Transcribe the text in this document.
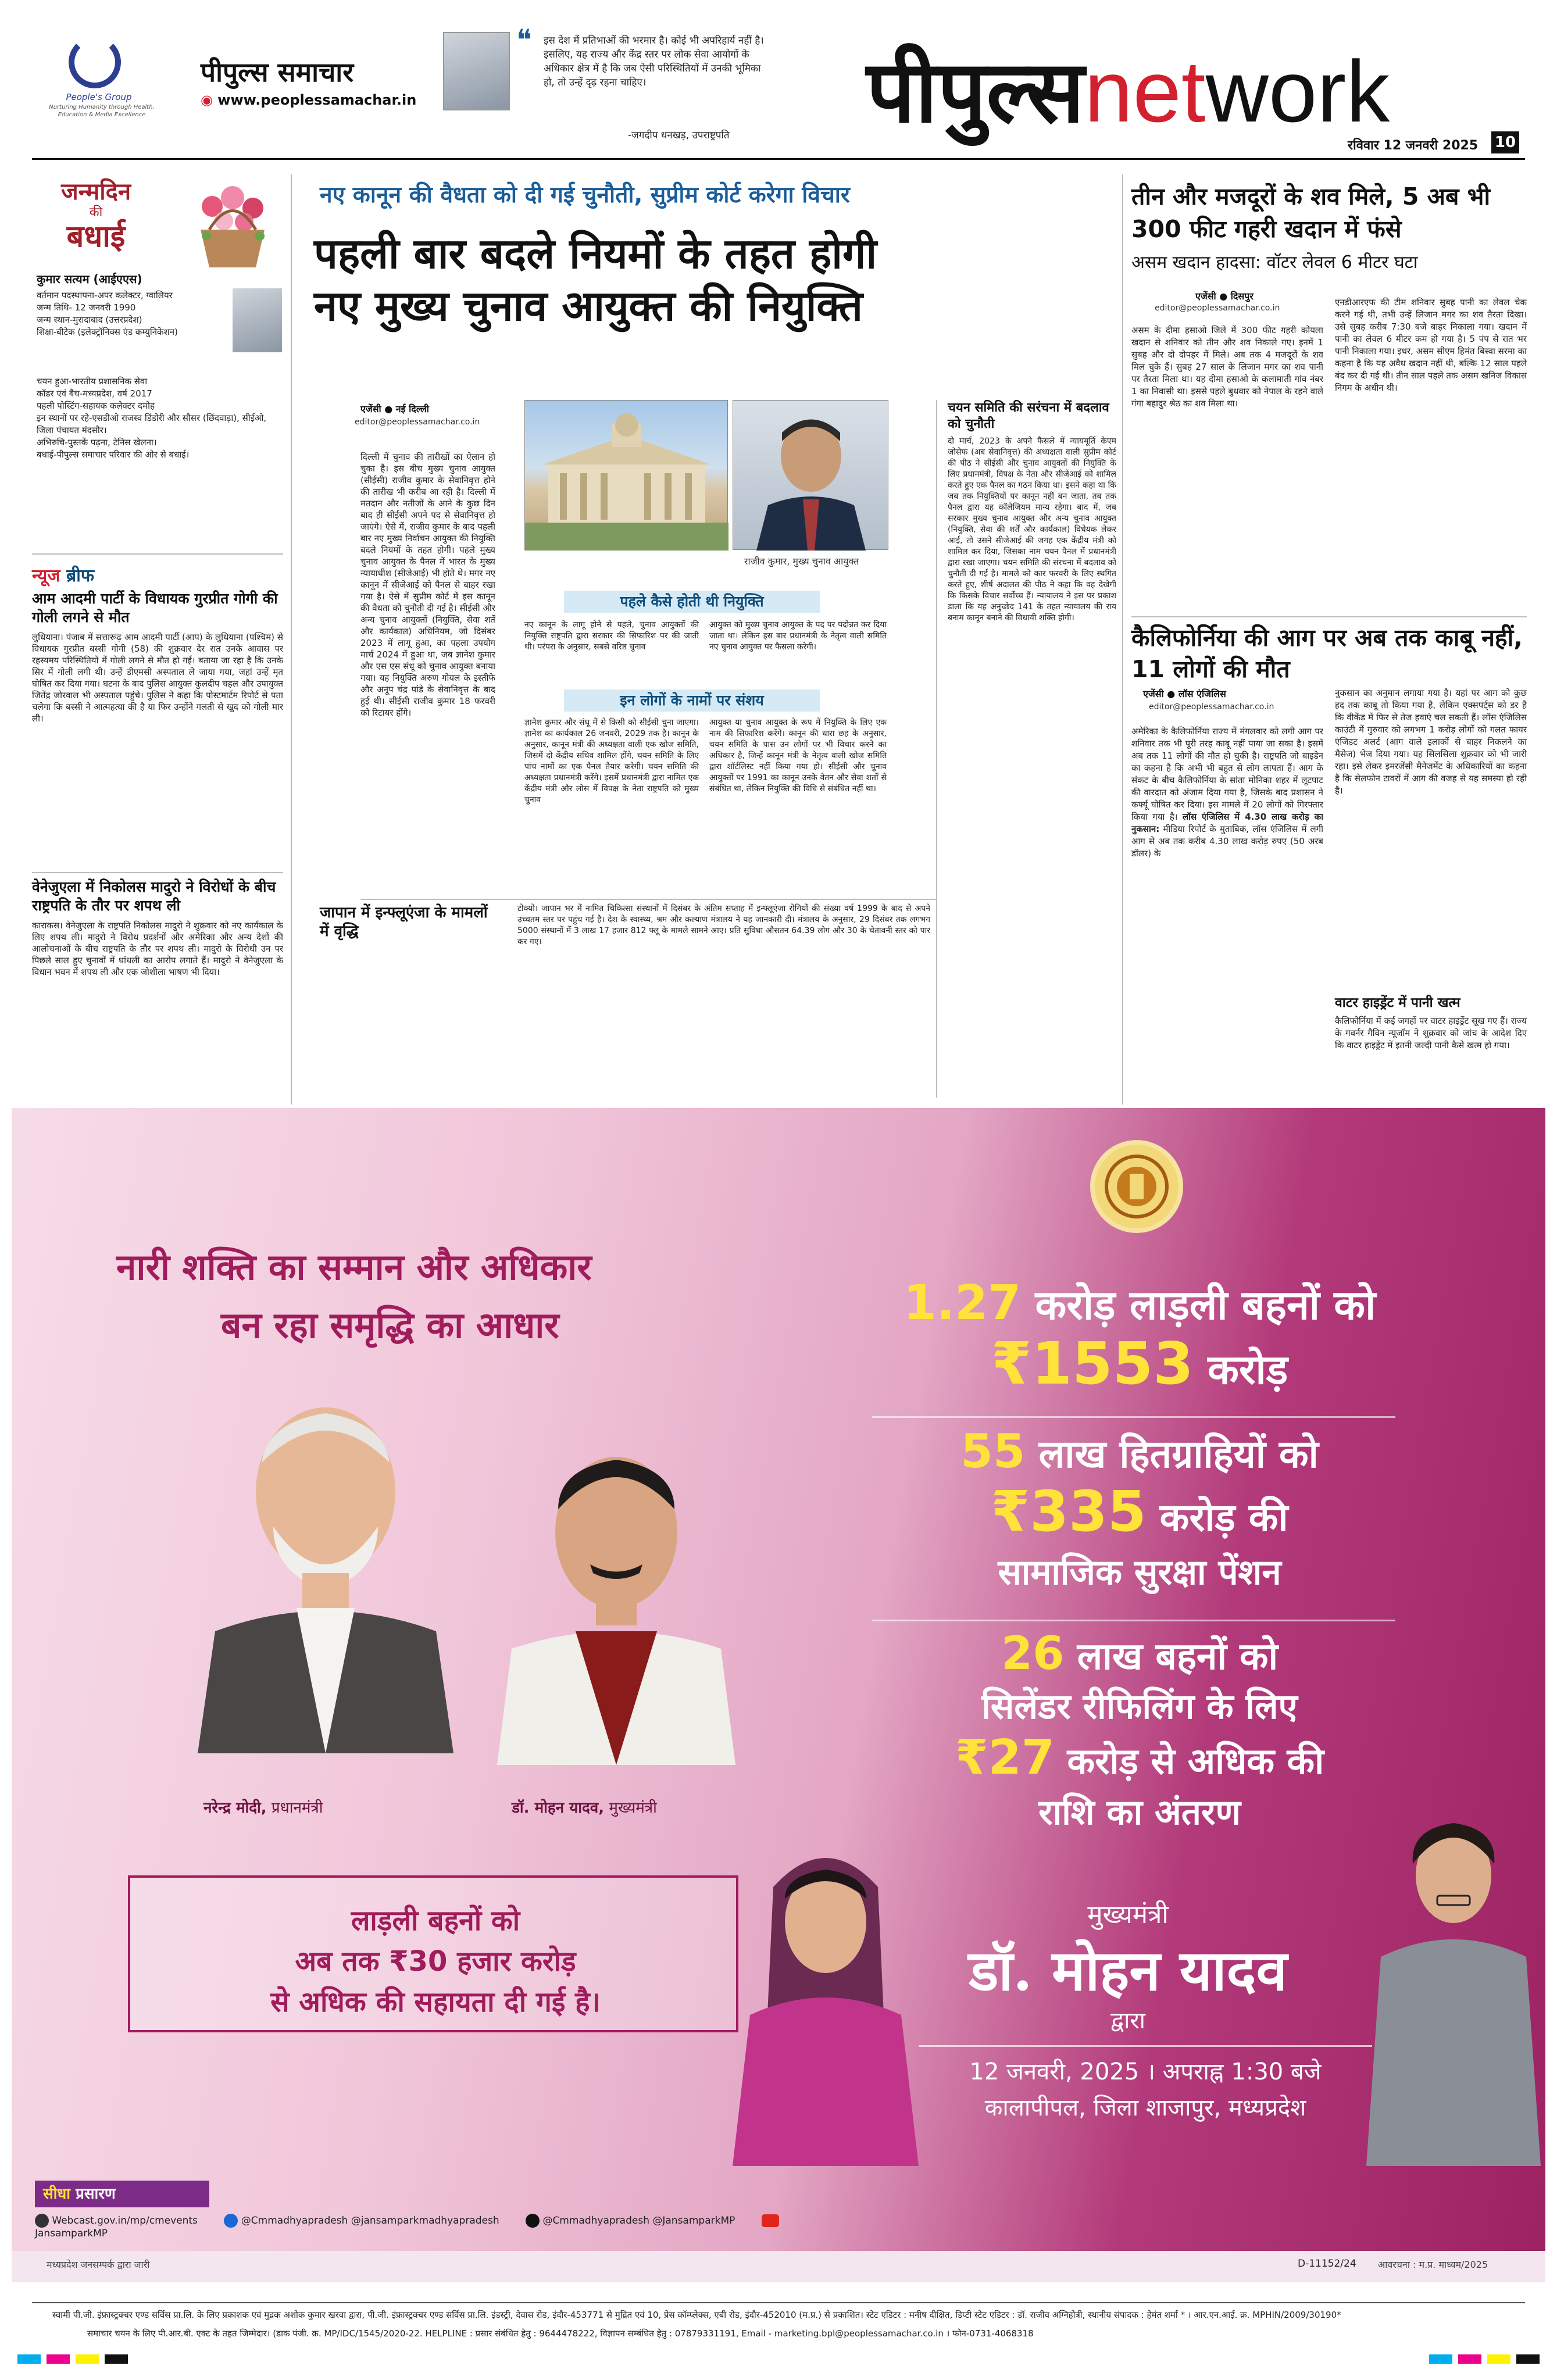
People's Group
Nurturing Humanity through Health, Education & Media Excellence
पीपुल्स समाचार
◉ www.peoplessamachar.in
❝ इस देश में प्रतिभाओं की भरमार है। कोई भी अपरिहार्य नहीं है। इसलिए, यह राज्य और केंद्र स्तर पर लोक सेवा आयोगों के अधिकार क्षेत्र में है कि जब ऐसी परिस्थितियों में उनकी भूमिका हो, तो उन्हें दृढ़ रहना चाहिए।
-जगदीप धनखड़, उपराष्ट्रपति पीपुल्सnetwork
रविवार 12 जनवरी 2025 10
जन्मदिन
की
बधाई
कुमार सत्यम (आईएएस)
वर्तमान पदस्थापना-अपर कलेक्टर, ग्वालियर
जन्म तिथि- 12 जनवरी 1990
जन्म स्थान-मुरादाबाद (उत्तरप्रदेश)
शिक्षा-बीटेक (इलेक्ट्रॉनिक्स एंड कम्युनिकेशन)
चयन हुआ-भारतीय प्रशासनिक सेवा
कॉडर एवं बैच-मध्यप्रदेश, वर्ष 2017
पहली पोस्टिंग-सहायक कलेक्टर दमोह
इन स्थानों पर रहे-एसडीओ राजस्व डिंडोरी और सौसर (छिंदवाड़ा), सीईओ, जिला पंचायत मंदसौर।
अभिरुचि-पुस्तकें पढ़ना, टेनिस खेलना।
बधाई-पीपुल्स समाचार परिवार की ओर से बधाई।
न्यूज ब्रीफ
आम आदमी पार्टी के विधायक गुरप्रीत गोगी की गोली लगने से मौत
लुधियाना। पंजाब में सत्तारूढ़ आम आदमी पार्टी (आप) के लुधियाना (पश्चिम) से विधायक गुरप्रीत बस्सी गोगी (58) की शुक्रवार देर रात उनके आवास पर रहस्यमय परिस्थितियों में गोली लगने से मौत हो गई। बताया जा रहा है कि उनके सिर में गोली लगी थी। उन्हें डीएमसी अस्पताल ले जाया गया, जहां उन्हें मृत घोषित कर दिया गया। घटना के बाद पुलिस आयुक्त कुलदीप चहल और उपायुक्त जितेंद्र जोरवाल भी अस्पताल पहुंचे। पुलिस ने कहा कि पोस्टमार्टम रिपोर्ट से पता चलेगा कि बस्सी ने आत्महत्या की है या फिर उन्होंने गलती से खुद को गोली मार ली।
वेनेजुएला में निकोलस मादुरो ने विरोधों के बीच राष्ट्रपति के तौर पर शपथ ली
काराकस। वेनेजुएला के राष्ट्रपति निकोलस मादुरो ने शुक्रवार को नए कार्यकाल के लिए शपथ ली। मादुरो ने विरोध प्रदर्शनों और अमेरिका और अन्य देशों की आलोचनाओं के बीच राष्ट्रपति के तौर पर शपथ ली। मादुरो के विरोधी उन पर पिछले साल हुए चुनावों में धांधली का आरोप लगाते हैं। मादुरो ने वेनेजुएला के विधान भवन में शपथ ली और एक जोशीला भाषण भी दिया।
नए कानून की वैधता को दी गई चुनौती, सुप्रीम कोर्ट करेगा विचार
पहली बार बदले नियमों के तहत होगी
नए मुख्य चुनाव आयुक्त की नियुक्ति
एजेंसी ● नई दिल्ली
editor@peoplessamachar.co.in
दिल्ली में चुनाव की तारीखों का ऐलान हो चुका है। इस बीच मुख्य चुनाव आयुक्त (सीईसी) राजीव कुमार के सेवानिवृत्त होने की तारीख भी करीब आ रही है। दिल्ली में मतदान और नतीजों के आने के कुछ दिन बाद ही सीईसी अपने पद से सेवानिवृत्त हो जाएंगे। ऐसे में, राजीव कुमार के बाद पहली बार नए मुख्य निर्वाचन आयुक्त की नियुक्ति बदले नियमों के तहत होगी। पहले मुख्य चुनाव आयुक्त के पैनल में भारत के मुख्य न्यायाधीश (सीजेआई) भी होते थे। मगर नए कानून में सीजेआई को पैनल से बाहर रखा गया है। ऐसे में सुप्रीम कोर्ट में इस कानून की वैधता को चुनौती दी गई है। सीईसी और अन्य चुनाव आयुक्तों (नियुक्ति, सेवा शर्तें और कार्यकाल) अधिनियम, जो दिसंबर 2023 में लागू हुआ, का पहला उपयोग मार्च 2024 में हुआ था, जब ज्ञानेश कुमार और एस एस संधू को चुनाव आयुक्त बनाया गया। यह नियुक्ति अरुण गोयल के इस्तीफे और अनूप चंद्र पांडे के सेवानिवृत्त के बाद हुई थी। सीईसी राजीव कुमार 18 फरवरी को रिटायर होंगे।
राजीव कुमार, मुख्य चुनाव आयुक्त
पहले कैसे होती थी नियुक्ति
नए कानून के लागू होने से पहले, चुनाव आयुक्तों की नियुक्ति राष्ट्रपति द्वारा सरकार की सिफारिश पर की जाती थी। परंपरा के अनुसार, सबसे वरिष्ठ चुनाव
आयुक्त को मुख्य चुनाव आयुक्त के पद पर पदोन्नत कर दिया जाता था। लेकिन इस बार प्रधानमंत्री के नेतृत्व वाली समिति नए चुनाव आयुक्त पर फैसला करेगी।
इन लोगों के नामों पर संशय
ज्ञानेश कुमार और संधू में से किसी को सीईसी चुना जाएगा। ज्ञानेश का कार्यकाल 26 जनवरी, 2029 तक है। कानून के अनुसार, कानून मंत्री की अध्यक्षता वाली एक खोज समिति, जिसमें दो केंद्रीय सचिव शामिल होंगे, चयन समिति के लिए पांच नामों का एक पैनल तैयार करेगी। चयन समिति की अध्यक्षता प्रधानमंत्री करेंगे। इसमें प्रधानमंत्री द्वारा नामित एक केंद्रीय मंत्री और लोस में विपक्ष के नेता राष्ट्रपति को मुख्य चुनाव
आयुक्त या चुनाव आयुक्त के रूप में नियुक्ति के लिए एक नाम की सिफारिश करेंगे। कानून की धारा छह के अनुसार, चयन समिति के पास उन लोगों पर भी विचार करने का अधिकार है, जिन्हें कानून मंत्री के नेतृत्व वाली खोज समिति द्वारा शॉर्टलिस्ट नहीं किया गया हो। सीईसी और चुनाव आयुक्तों पर 1991 का कानून उनके वेतन और सेवा शर्तों से संबंधित था, लेकिन नियुक्ति की विधि से संबंधित नहीं था।
चयन समिति की सरंचना में बदलाव को चुनौती
दो मार्च, 2023 के अपने फैसले में न्यायमूर्ति केएम जोसेफ (अब सेवानिवृत्त) की अध्यक्षता वाली सुप्रीम कोर्ट की पीठ ने सीईसी और चुनाव आयुक्तों की नियुक्ति के लिए प्रधानमंत्री, विपक्ष के नेता और सीजेआई को शामिल करते हुए एक पैनल का गठन किया था। इसने कहा था कि जब तक नियुक्तियों पर कानून नहीं बन जाता, तब तक पैनल द्वारा यह कॉलेजियम मान्य रहेगा। बाद में, जब सरकार मुख्य चुनाव आयुक्त और अन्य चुनाव आयुक्त (नियुक्ति, सेवा की शर्तें और कार्यकाल) विधेयक लेकर आई, तो उसने सीजेआई की जगह एक केंद्रीय मंत्री को शामिल कर दिया, जिसका नाम चयन पैनल में प्रधानमंत्री द्वारा रखा जाएगा। चयन समिति की संरचना में बदलाव को चुनौती दी गई है। मामले को कार फरवरी के लिए स्थगित करते हुए, शीर्ष अदालत की पीठ ने कहा कि वह देखेगी कि किसके विचार सर्वोच्च हैं। न्यायालय ने इस पर प्रकाश डाला कि यह अनुच्छेद 141 के तहत न्यायालय की राय बनाम कानून बनाने की विधायी शक्ति होगी।
जापान में इन्फ्लूएंजा के मामलों में वृद्धि
टोक्यो। जापान भर में नामित चिकित्सा संस्थानों में दिसंबर के अंतिम सप्ताह में इन्फ्लूएंजा रोगियों की संख्या वर्ष 1999 के बाद से अपने उच्चतम स्तर पर पहुंच गई है। देश के स्वास्थ्य, श्रम और कल्याण मंत्रालय ने यह जानकारी दी। मंत्रालय के अनुसार, 29 दिसंबर तक लगभग 5000 संस्थानों में 3 लाख 17 हजार 812 फ्लू के मामले सामने आए। प्रति सुविधा औसतन 64.39 लोग और 30 के चेतावनी स्तर को पार कर गए।
तीन और मजदूरों के शव मिले, 5 अब भी 300 फीट गहरी खदान में फंसे
असम खदान हादसा: वॉटर लेवल 6 मीटर घटा
एजेंसी ● दिसपुर
editor@peoplessamachar.co.in
असम के दीमा हसाओ जिले में 300 फीट गहरी कोयला खदान से शनिवार को तीन और शव निकाले गए। इनमें 1 सुबह और दो दोपहर में मिले। अब तक 4 मजदूरों के शव मिल चुके हैं। सुबह 27 साल के लिजान मगर का शव पानी पर तैरता मिला था। यह दीमा हसाओ के कलामाती गांव नंबर 1 का निवासी था। इससे पहले बुधवार को नेपाल के रहने वाले गंगा बहादुर श्रेठ का शव मिला था।
एनडीआरएफ की टीम शनिवार सुबह पानी का लेवल चेक करने गई थी, तभी उन्हें लिजान मगर का शव तैरता दिखा। उसे सुबह करीब 7:30 बजे बाहर निकाला गया। खदान में पानी का लेवल 6 मीटर कम हो गया है। 5 पंप से रात भर पानी निकाला गया। इधर, असम सीएम हिमंत बिस्वा सरमा का कहना है कि यह अवैध खदान नहीं थी, बल्कि 12 साल पहले बंद कर दी गई थी। तीन साल पहले तक असम खनिज विकास निगम के अधीन थी।
कैलिफोर्निया की आग पर अब तक काबू नहीं, 11 लोगों की मौत
एजेंसी ● लॉस एंजिलिस
editor@peoplessamachar.co.in
अमेरिका के कैलिफोर्निया राज्य में मंगलवार को लगी आग पर शनिवार तक भी पूरी तरह काबू नहीं पाया जा सका है। इसमें अब तक 11 लोगों की मौत हो चुकी है। राष्ट्रपति जो बाइडेन का कहना है कि अभी भी बहुत से लोग लापता हैं। आग के संकट के बीच कैलिफोर्निया के सांता मोनिका शहर में लूटपाट की वारदात को अंजाम दिया गया है, जिसके बाद प्रशासन ने कर्फ्यू घोषित कर दिया। इस मामले में 20 लोगों को गिरफ्तार किया गया है। लॉस एंजिलिस में 4.30 लाख करोड़ का नुकसान: मीडिया रिपोर्ट के मुताबिक, लॉस एंजिलिस में लगी आग से अब तक करीब 4.30 लाख करोड़ रुपए (50 अरब डॉलर) के
नुकसान का अनुमान लगाया गया है। यहां पर आग को कुछ हद तक काबू तो किया गया है, लेकिन एक्सपर्ट्स को डर है कि वीकेंड में फिर से तेज हवाएं चल सकती हैं। लॉस एंजिलिस काउंटी में गुरुवार को लगभग 1 करोड़ लोगों को गलत फायर एंजिडट अलर्ट (आग वाले इलाकों से बाहर निकलने का मैसेज) भेज दिया गया। यह सिलसिला शुक्रवार को भी जारी रहा। इसे लेकर इमरजेंसी मैनेजमेंट के अधिकारियों का कहना है कि सेलफोन टावरों में आग की वजह से यह समस्या हो रही है।
वाटर हाइड्रेंट में पानी खत्म
कैलिफोर्निया में कई जगहों पर वाटर हाइड्रेंट सूख गए हैं। राज्य के गवर्नर गैविन न्यूजॉम ने शुक्रवार को जांच के आदेश दिए कि वाटर हाइड्रेंट में इतनी जल्दी पानी कैसे खत्म हो गया।
नारी शक्ति का सम्मान और अधिकार
बन रहा समृद्धि का आधार
नरेन्द्र मोदी, प्रधानमंत्री	डॉ. मोहन यादव, मुख्यमंत्री
लाड़ली बहनों को
अब तक ₹30 हजार करोड़
से अधिक की सहायता दी गई है।
1.27 करोड़ लाड़ली बहनों को
₹1553 करोड़
55 लाख हितग्राहियों को
₹335 करोड़ की
सामाजिक सुरक्षा पेंशन
26 लाख बहनों को
सिलेंडर रीफिलिंग के लिए
₹27 करोड़ से अधिक की
राशि का अंतरण
मुख्यमंत्री
डॉ. मोहन यादव
द्वारा
12 जनवरी, 2025 । अपराह्न 1:30 बजे
कालापीपल, जिला शाजापुर, मध्यप्रदेश
सीधा प्रसारण
Webcast.gov.in/mp/cmevents	@Cmmadhyapradesh @jansamparkmadhyapradesh	@Cmmadhyapradesh @JansamparkMP  JansamparkMP
मध्यप्रदेश जनसम्पर्क द्वारा जारी	D-11152/24 आवरचना : म.प्र. माध्यम/2025
स्वामी पी.जी. इंफ्रास्ट्रक्चर एण्ड सर्विस प्रा.लि. के लिए प्रकाशक एवं मुद्रक अशोक कुमार खरवा द्वारा, पी.जी. इंफ्रास्ट्रक्चर एण्ड सर्विस प्रा.लि. इंडस्ट्री, देवास रोड, इंदौर-453771 से मुद्रित एवं 10, प्रेस कॉम्प्लेक्स, एबी रोड, इंदौर-452010 (म.प्र.) से प्रकाशित। स्टेट एडिटर : मनीष दीक्षित, डिप्टी स्टेट एडिटर : डॉ. राजीव अग्निहोत्री, स्थानीय संपादक : हेमंत शर्मा * । आर.एन.आई. क्र. MPHIN/2009/30190*
समाचार चयन के लिए पी.आर.बी. एक्ट के तहत जिम्मेदार। (डाक पंजी. क्र. MP/IDC/1545/2020-22. HELPLINE : प्रसार संबंधित हेतु : 9644478222, विज्ञापन सम्बंधित हेतु : 07879331191, Email - marketing.bpl@peoplessamachar.co.in । फोन-0731-4068318
